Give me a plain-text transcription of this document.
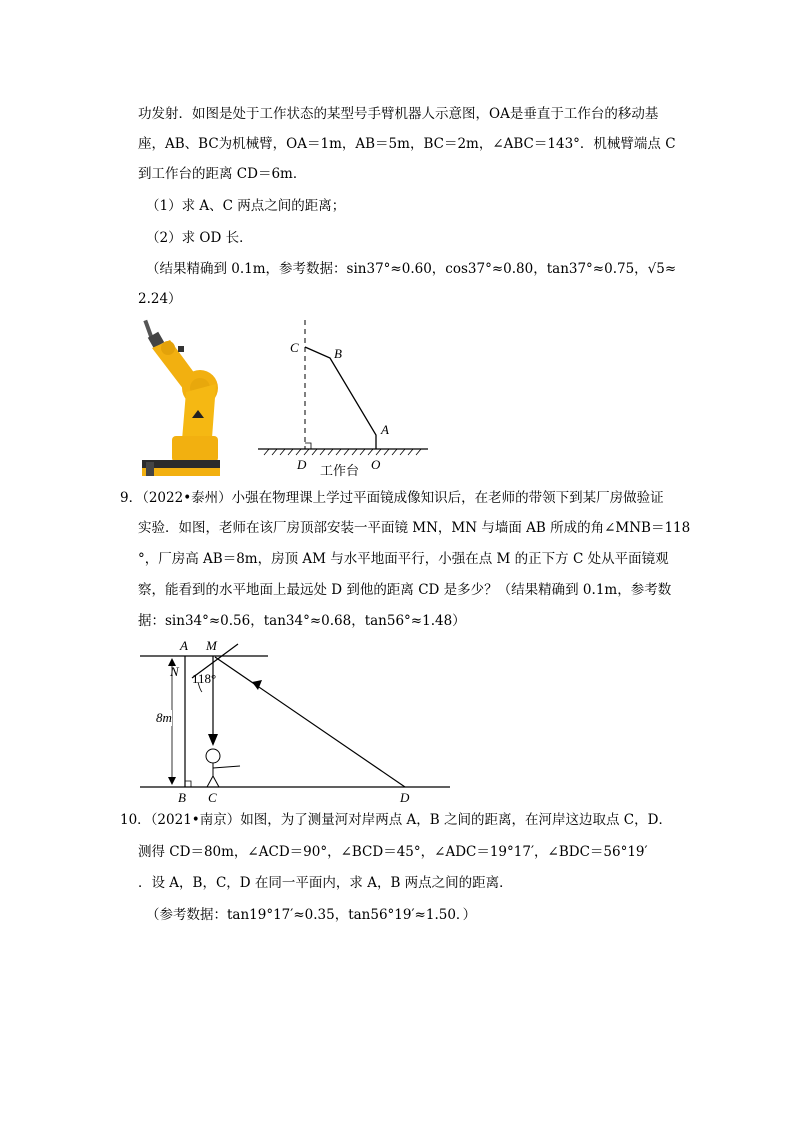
功发射．如图是处于工作状态的某型号手臂机器人示意图，OA是垂直于工作台的移动基
座，AB、BC为机械臂，OA＝1m，AB＝5m，BC＝2m，∠ABC＝143°．机械臂端点 C
到工作台的距离 CD＝6m．
（1）求 A、C 两点之间的距离；
（2）求 OD 长．
（结果精确到 0.1m，参考数据：sin37°≈0.60，cos37°≈0.80，tan37°≈0.75，√5≈
2.24）
C	B
A
D	O
工作台
9．（2022•泰州）小强在物理课上学过平面镜成像知识后，在老师的带领下到某厂房做验证
实验．如图，老师在该厂房顶部安装一平面镜 MN，MN 与墙面 AB 所成的角∠MNB＝118
°，厂房高 AB＝8m，房顶 AM 与水平地面平行，小强在点 M 的正下方 C 处从平面镜观
察，能看到的水平地面上最远处 D 到他的距离 CD 是多少？（结果精确到 0.1m，参考数
据：sin34°≈0.56，tan34°≈0.68，tan56°≈1.48）
A M
N 118°
8m
B C	D
10．（2021•南京）如图，为了测量河对岸两点 A，B 之间的距离，在河岸这边取点 C，D．
测得 CD＝80m，∠ACD＝90°，∠BCD＝45°，∠ADC＝19°17′，∠BDC＝56°19′
．设 A，B，C，D 在同一平面内，求 A，B 两点之间的距离．
（参考数据：tan19°17′≈0.35，tan56°19′≈1.50．）
